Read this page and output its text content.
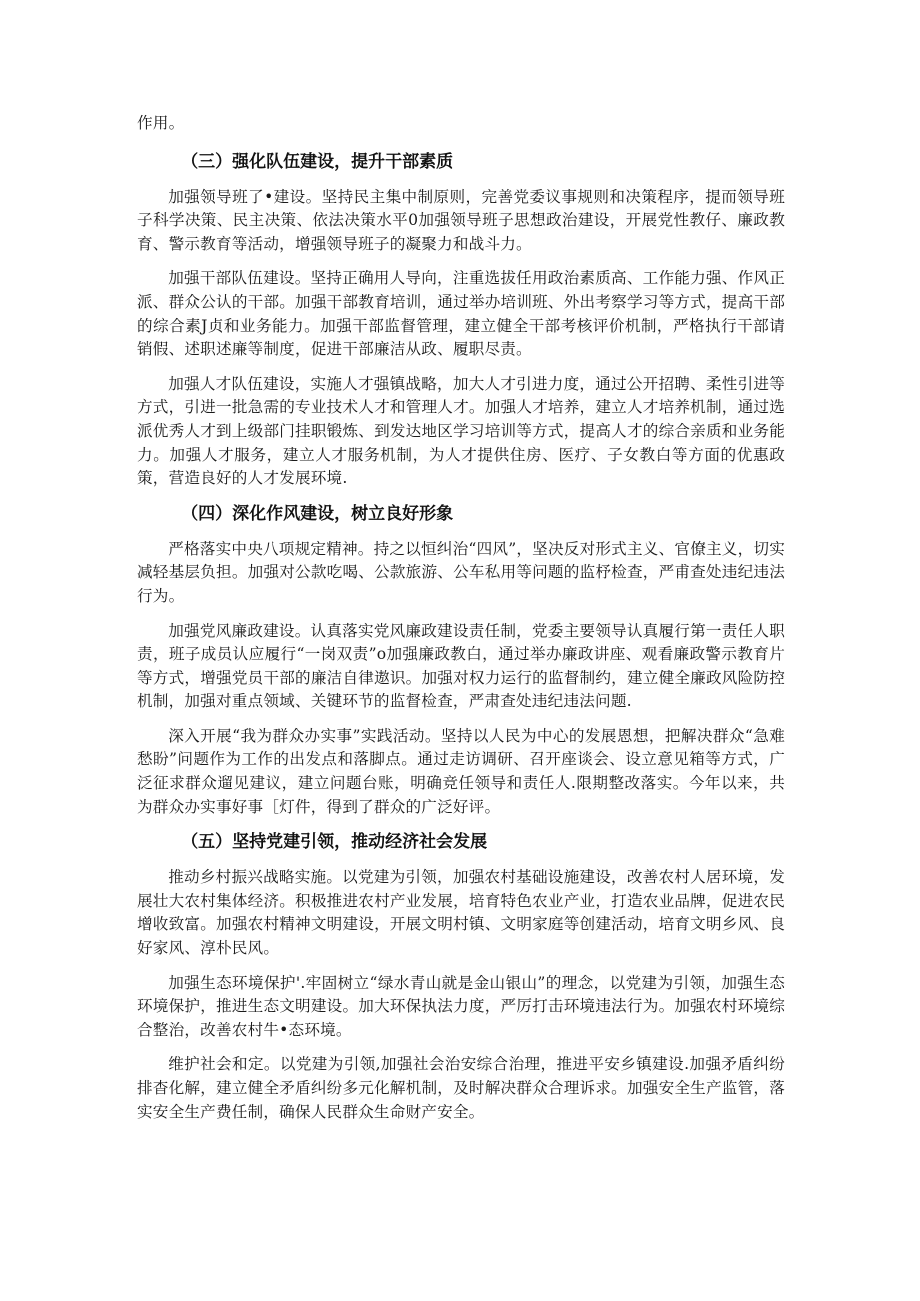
作用。

（三）强化队伍建设，提升干部素质

加强领导班了•建设。坚持民主集中制原则，完善党委议事规则和决策程序，提而领导班子科学决策、民主决策、依法决策水平0加强领导班子思想政治建设，开展党性教仔、廉政教育、警示教育等活动，增强领导班子的凝聚力和战斗力。

加强干部队伍建设。坚持正确用人导向，注重选拔任用政治素质高、工作能力强、作风正派、群众公认的干部。加强干部教育培训，通过举办培训班、外出考察学习等方式，提高干部的综合素J贞和业务能力。加强干部监督管理，建立健全干部考核评价机制，严格执行干部请销假、述职述廉等制度，促进干部廉洁从政、履职尽责。

加强人才队伍建设，实施人才强镇战略，加大人才引进力度，通过公开招聘、柔性引进等方式，引进一批急需的专业技术人才和管理人才。加强人才培养，建立人才培养机制，通过选派优秀人才到上级部门挂职锻炼、到发达地区学习培训等方式，提高人才的综合亲质和业务能力。加强人才服务，建立人才服务机制，为人才提供住房、医疗、子女教白等方面的优惠政策，营造良好的人才发展环境.

（四）深化作风建设，树立良好形象

严格落实中央八项规定精神。持之以恒纠治“四风”，坚决反对形式主义、官僚主义，切实减轻基层负担。加强对公款吃喝、公款旅游、公车私用等问题的监杼检查，严甫查处违纪违法行为。

加强党风廉政建设。认真落实党风廉政建设责任制，党委主要领导认真履行第一责任人职责，班子成员认应履行“一岗双责”o加强廉政教白，通过举办廉政讲座、观看廉政警示教育片等方式，增强党员干部的廉洁自律遨识。加强对权力运行的监督制约，建立健全廉政风险防控机制，加强对重点领域、关键环节的监督检查，严肃查处违纪违法问题.

深入开展“我为群众办实事”实践活动。坚持以人民为中心的发展恩想，把解决群众“急难愁盼”问题作为工作的出发点和落脚点。通过走访调研、召开座谈会、设立意见箱等方式，广泛征求群众遛见建议，建立问题台账，明确竞任领导和责任人.限期整改落实。今年以来，共为群众办实事好事［灯件，得到了群众的广泛好评。

（五）坚持党建引领，推动经济社会发展

推动乡村振兴战略实施。以党建为引领，加强农村基础设施建设，改善农村人居环境，发展壮大农村集体经济。积极推进农村产业发展，培育特色农业产业，打造农业品牌，促进农民增收致富。加强农村精神文明建设，开展文明村镇、文明家庭等创建活动，培育文明乡风、良好家风、淳朴民风。

加强生态环境保护'.牢固树立“绿水青山就是金山银山”的理念，以党建为引领，加强生态环境保护，推进生态文明建设。加大环保执法力度，严厉打击环境违法行为。加强农村环境综合整治，改善农村牛•态环境。

维护社会和定。以党建为引领,加强社会治安综合治理，推进平安乡镇建设.加强矛盾纠纷排杳化解，建立健全矛盾纠纷多元化解机制，及时解决群众合理诉求。加强安全生产监管，落实安全生产费任制，确保人民群众生命财产安全。
